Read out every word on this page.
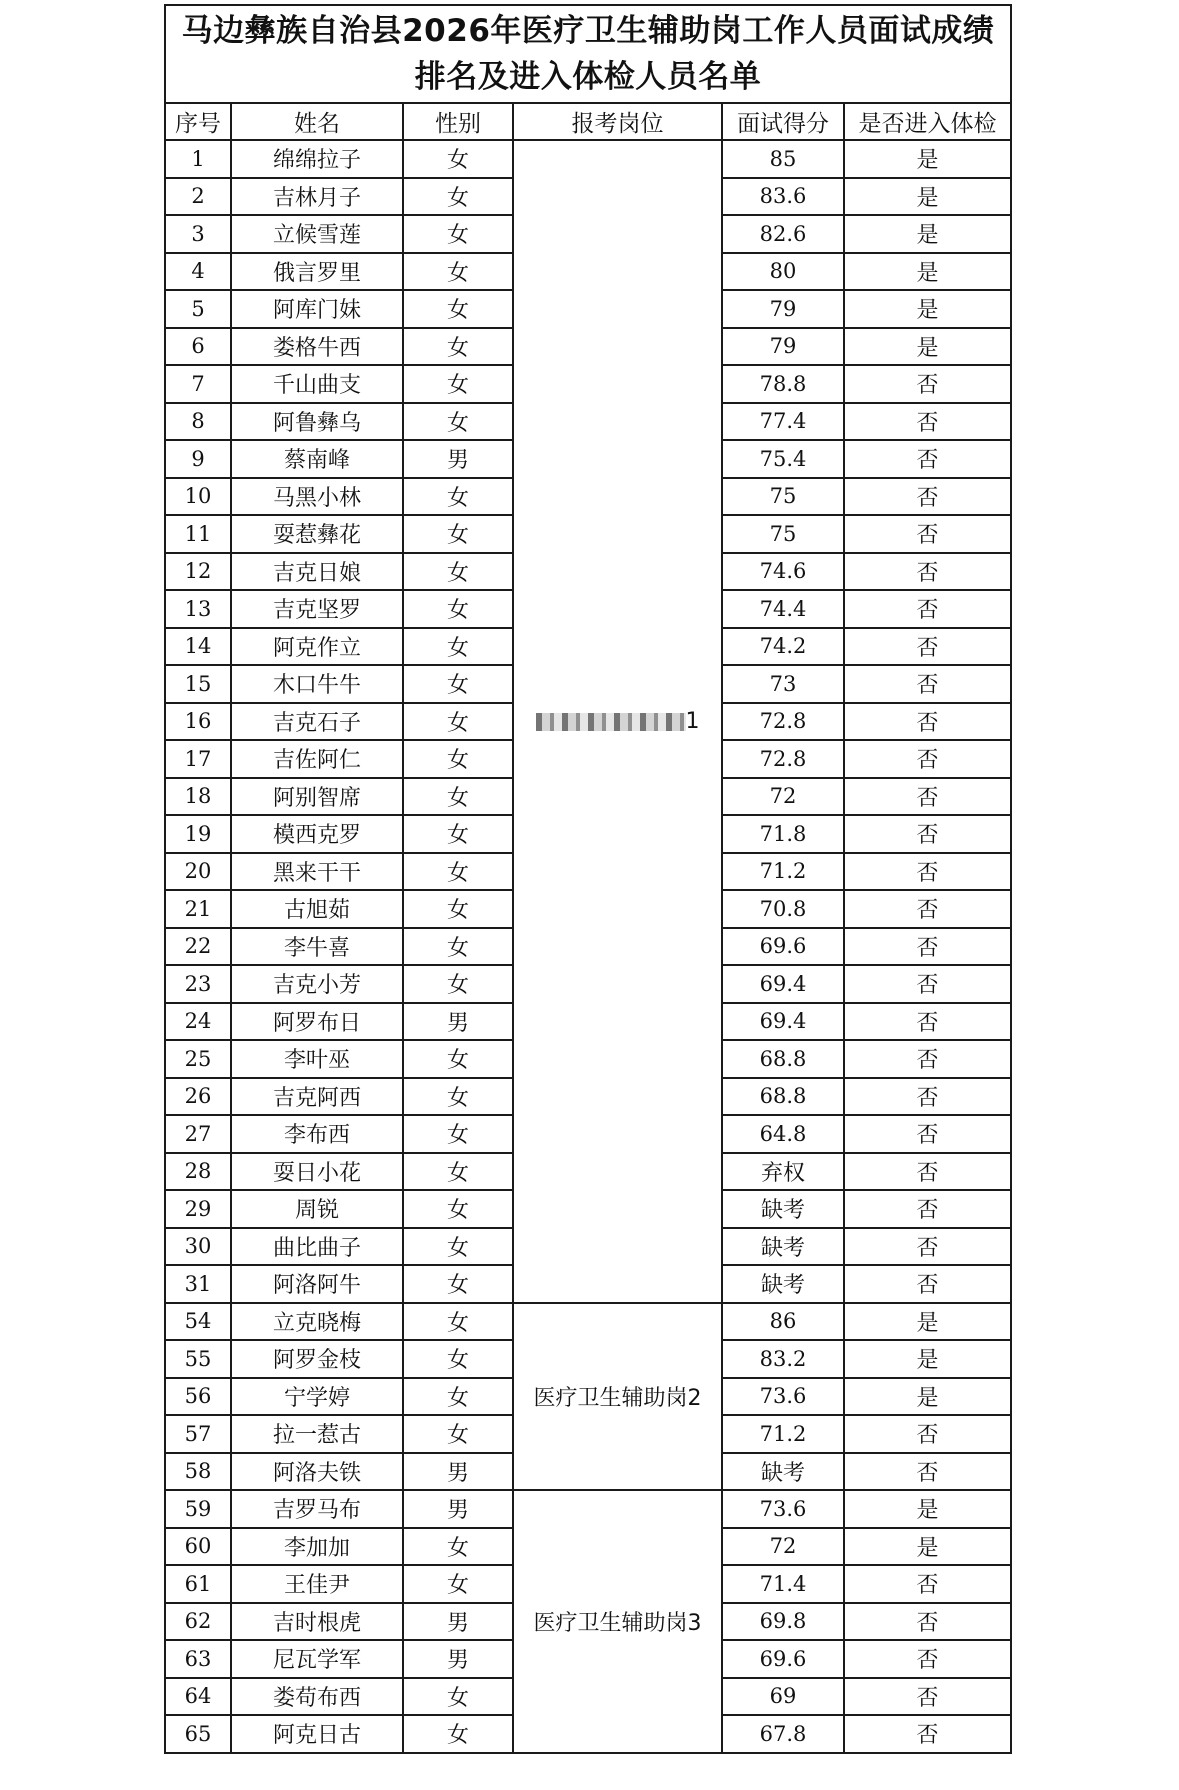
马边彝族自治县2026年医疗卫生辅助岗工作人员面试成绩排名及进入体检人员名单					
序号	姓名	性别	报考岗位	面试得分	是否进入体检
1	绵绵拉子	女	1	85	是
2	吉林月子	女		83.6	是
3	立候雪莲	女		82.6	是
4	俄言罗里	女		80	是
5	阿库门妹	女		79	是
6	娄格牛西	女		79	是
7	千山曲支	女		78.8	否
8	阿鲁彝乌	女		77.4	否
9	蔡南峰	男		75.4	否
10	马黑小林	女		75	否
11	耍惹彝花	女		75	否
12	吉克日娘	女		74.6	否
13	吉克坚罗	女		74.4	否
14	阿克作立	女		74.2	否
15	木口牛牛	女		73	否
16	吉克石子	女		72.8	否
17	吉佐阿仁	女		72.8	否
18	阿别智席	女		72	否
19	模西克罗	女		71.8	否
20	黑来干干	女		71.2	否
21	古旭茹	女		70.8	否
22	李牛喜	女		69.6	否
23	吉克小芳	女		69.4	否
24	阿罗布日	男		69.4	否
25	李叶巫	女		68.8	否
26	吉克阿西	女		68.8	否
27	李布西	女		64.8	否
28	耍日小花	女		弃权	否
29	周锐	女		缺考	否
30	曲比曲子	女		缺考	否
31	阿洛阿牛	女		缺考	否
54	立克晓梅	女	医疗卫生辅助岗2	86	是
55	阿罗金枝	女		83.2	是
56	宁学婷	女		73.6	是
57	拉一惹古	女		71.2	否
58	阿洛夫铁	男		缺考	否
59	吉罗马布	男	医疗卫生辅助岗3	73.6	是
60	李加加	女		72	是
61	王佳尹	女		71.4	否
62	吉时根虎	男		69.8	否
63	尼瓦学军	男		69.6	否
64	娄苟布西	女		69	否
65	阿克日古	女		67.8	否
